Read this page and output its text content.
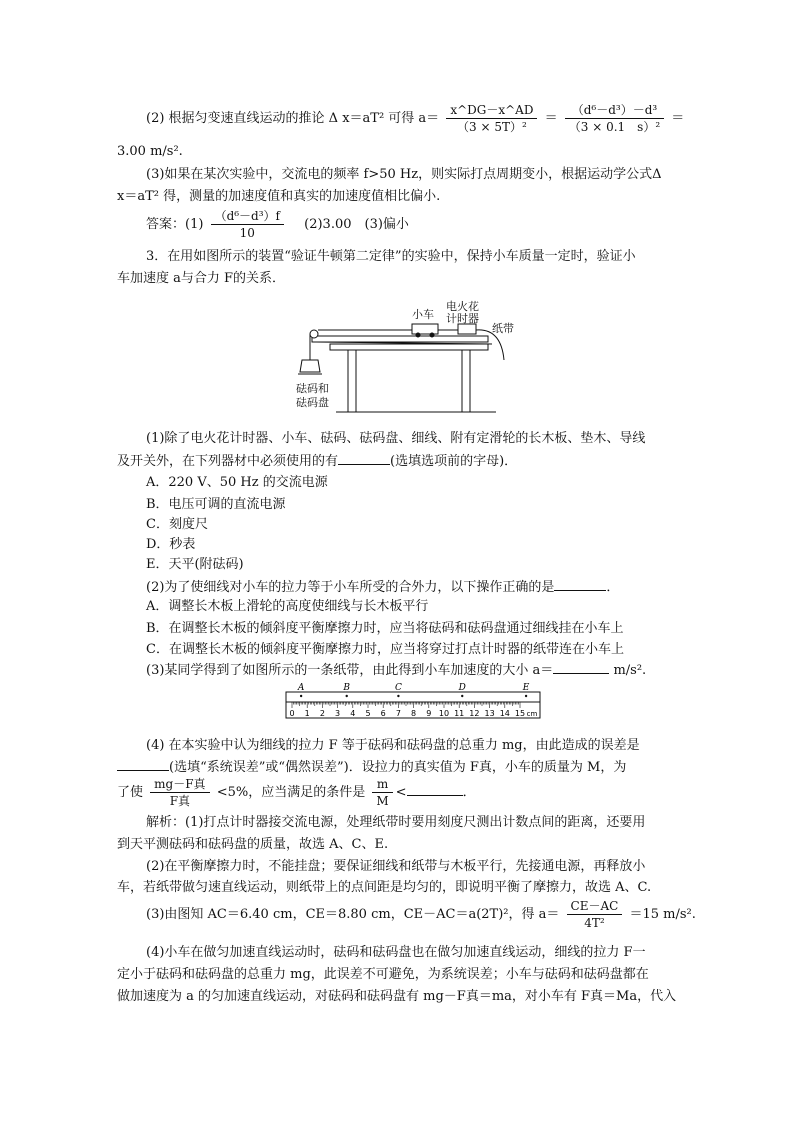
(2) 根据匀变速直线运动的推论 Δ x＝aT² 可得 $a= \frac{x\^{}DG-x\^{}AD}{\text{（3 × 5T）²}} = \frac{\text{（d⁶－d³）－d³}}{\text{（3 × 0.1　s）²}}$ ＝
3.00 m/s².
(3)如果在某次实验中，交流电的频率 f>50 Hz，则实际打点周期变小，根据运动学公式Δ
x＝aT² 得，测量的加速度值和真实的加速度值相比偏小.
答案：$(1) \frac{\text{（d⁶－d³）f}}{10}$ 　(2)3.00　(3)偏小
3．在用如图所示的装置“验证牛顿第二定律”的实验中，保持小车质量一定时，验证小
车加速度 a与合力 F的关系．
小车
电火花
计时器
纸带
砝码和
砝码盘
(1)除了电火花计时器、小车、砝码、砝码盘、细线、附有定滑轮的长木板、垫木、导线
及开关外，在下列器材中必须使用的有	(选填选项前的字母)．
A．220 V、50 Hz 的交流电源
B．电压可调的直流电源
C．刻度尺
D．秒表
E．天平(附砝码)
(2)为了使细线对小车的拉力等于小车所受的合外力，以下操作正确的是	．
A．调整长木板上滑轮的高度使细线与长木板平行
B．在调整长木板的倾斜度平衡摩擦力时，应当将砝码和砝码盘通过细线挂在小车上
C．在调整长木板的倾斜度平衡摩擦力时，应当将穿过打点计时器的纸带连在小车上
(3)某同学得到了如图所示的一条纸带，由此得到小车加速度的大小 a＝	m/s².
A	B	C	D	E
0 1 2 3 4 5 6 7 8 9 10 11 12 13 14 15 cm
(4) 在本实验中认为细线的拉力 F 等于砝码和砝码盘的总重力 mg，由此造成的误差是
(选填“系统误差”或“偶然误差”)．设拉力的真实值为 F真，小车的质量为 M，为
了使 $\frac{\text{mg－F真}}{\text{F真}} <5\%$，应当满足的条件是 $\frac{m}{M}$ <	．
解析：(1)打点计时器接交流电源，处理纸带时要用刻度尺测出计数点间的距离，还要用
到天平测砝码和砝码盘的质量，故选 A、C、E.
(2)在平衡摩擦力时，不能挂盘；要保证细线和纸带与木板平行，先接通电源，再释放小
车，若纸带做匀速直线运动，则纸带上的点间距是均匀的，即说明平衡了摩擦力，故选 A、C.
(3)由图知 AC＝6.40 cm，CE＝8.80 cm，CE－AC＝a(2T)²，得 $a= \frac{CE-AC}{\text{4T²}} =15$ m/s².
(4)小车在做匀加速直线运动时，砝码和砝码盘也在做匀加速直线运动，细线的拉力 F一
定小于砝码和砝码盘的总重力 mg，此误差不可避免，为系统误差；小车与砝码和砝码盘都在
做加速度为 a 的匀加速直线运动，对砝码和砝码盘有 mg－F真＝ma，对小车有 F真＝Ma，代入
